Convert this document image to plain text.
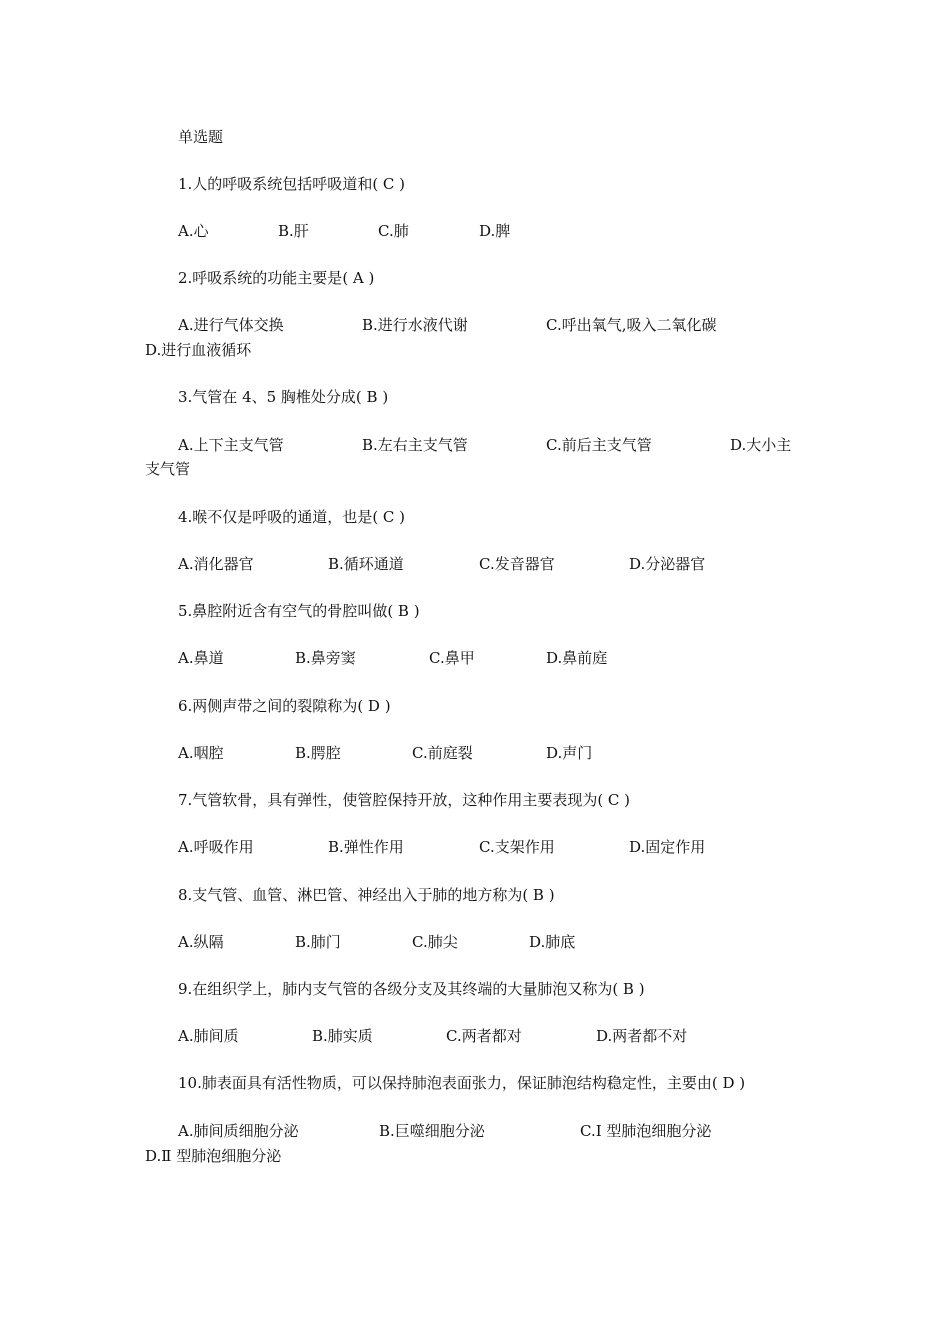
单选题
1.人的呼吸系统包括呼吸道和( C )
A.心	B.肝	C.肺	D.脾
2.呼吸系统的功能主要是( A )
A.进行气体交换	B.进行水液代谢	C.呼出氧气,吸入二氧化碳
D.进行血液循环
3.气管在 4、5 胸椎处分成( B )
A.上下主支气管	B.左右主支气管	C.前后主支气管	D.大小主
支气管
4.喉不仅是呼吸的通道，也是( C )
A.消化器官	B.循环通道	C.发音器官	D.分泌器官
5.鼻腔附近含有空气的骨腔叫做( B )
A.鼻道	B.鼻旁窦	C.鼻甲	D.鼻前庭
6.两侧声带之间的裂隙称为( D )
A.咽腔	B.腭腔	C.前庭裂	D.声门
7.气管软骨，具有弹性，使管腔保持开放，这种作用主要表现为( C )
A.呼吸作用	B.弹性作用	C.支架作用	D.固定作用
8.支气管、血管、淋巴管、神经出入于肺的地方称为( B )
A.纵隔	B.肺门	C.肺尖	D.肺底
9.在组织学上，肺内支气管的各级分支及其终端的大量肺泡又称为( B )
A.肺间质	B.肺实质	C.两者都对	D.两者都不对
10.肺表面具有活性物质，可以保持肺泡表面张力，保证肺泡结构稳定性，主要由( D )
A.肺间质细胞分泌	B.巨噬细胞分泌	C.Ⅰ 型肺泡细胞分泌
D.Ⅱ 型肺泡细胞分泌
